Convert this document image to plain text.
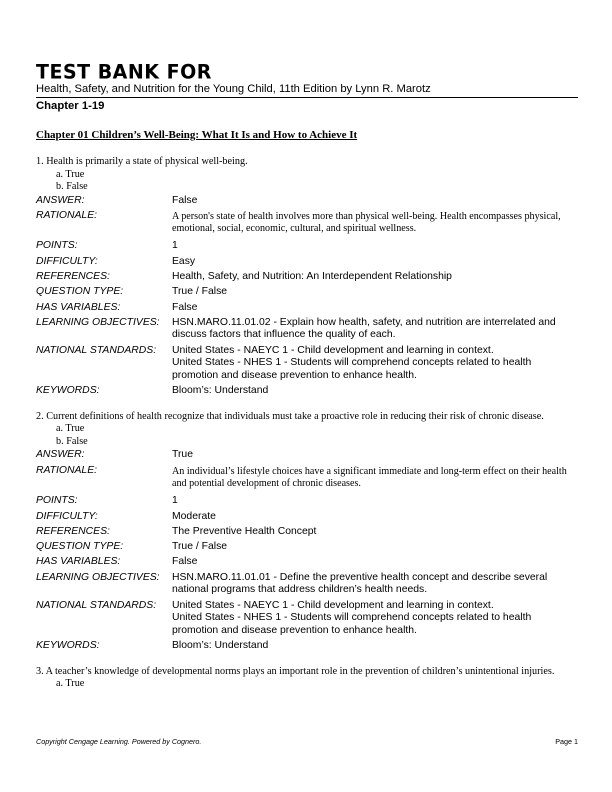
TEST BANK FOR
Health, Safety, and Nutrition for the Young Child, 11th Edition by Lynn R. Marotz
Chapter 1-19
Chapter 01 Children’s Well-Being: What It Is and How to Achieve It
1. Health is primarily a state of physical well-being.
a. True
b. False
ANSWER:	False
RATIONALE:	A person's state of health involves more than physical well-being. Health encompasses physical, emotional, social, economic, cultural, and spiritual wellness.
POINTS:	1
DIFFICULTY:	Easy
REFERENCES:	Health, Safety, and Nutrition: An Interdependent Relationship
QUESTION TYPE:	True / False
HAS VARIABLES:	False
LEARNING OBJECTIVES:	HSN.MARO.11.01.02 - Explain how health, safety, and nutrition are interrelated and discuss factors that influence the quality of each.
NATIONAL STANDARDS:	United States - NAEYC 1 - Child development and learning in context.
United States - NHES 1 - Students will comprehend concepts related to health promotion and disease prevention to enhance health.
KEYWORDS:	Bloom’s: Understand
2. Current definitions of health recognize that individuals must take a proactive role in reducing their risk of chronic disease.
a. True
b. False
ANSWER:	True
RATIONALE:	An individual’s lifestyle choices have a significant immediate and long-term effect on their health and potential development of chronic diseases.
POINTS:	1
DIFFICULTY:	Moderate
REFERENCES:	The Preventive Health Concept
QUESTION TYPE:	True / False
HAS VARIABLES:	False
LEARNING OBJECTIVES:	HSN.MARO.11.01.01 - Define the preventive health concept and describe several national programs that address children’s health needs.
NATIONAL STANDARDS:	United States - NAEYC 1 - Child development and learning in context.
United States - NHES 1 - Students will comprehend concepts related to health promotion and disease prevention to enhance health.
KEYWORDS:	Bloom’s: Understand
3. A teacher’s knowledge of developmental norms plays an important role in the prevention of children’s unintentional injuries.
a. True
Copyright Cengage Learning. Powered by Cognero.	Page 1
